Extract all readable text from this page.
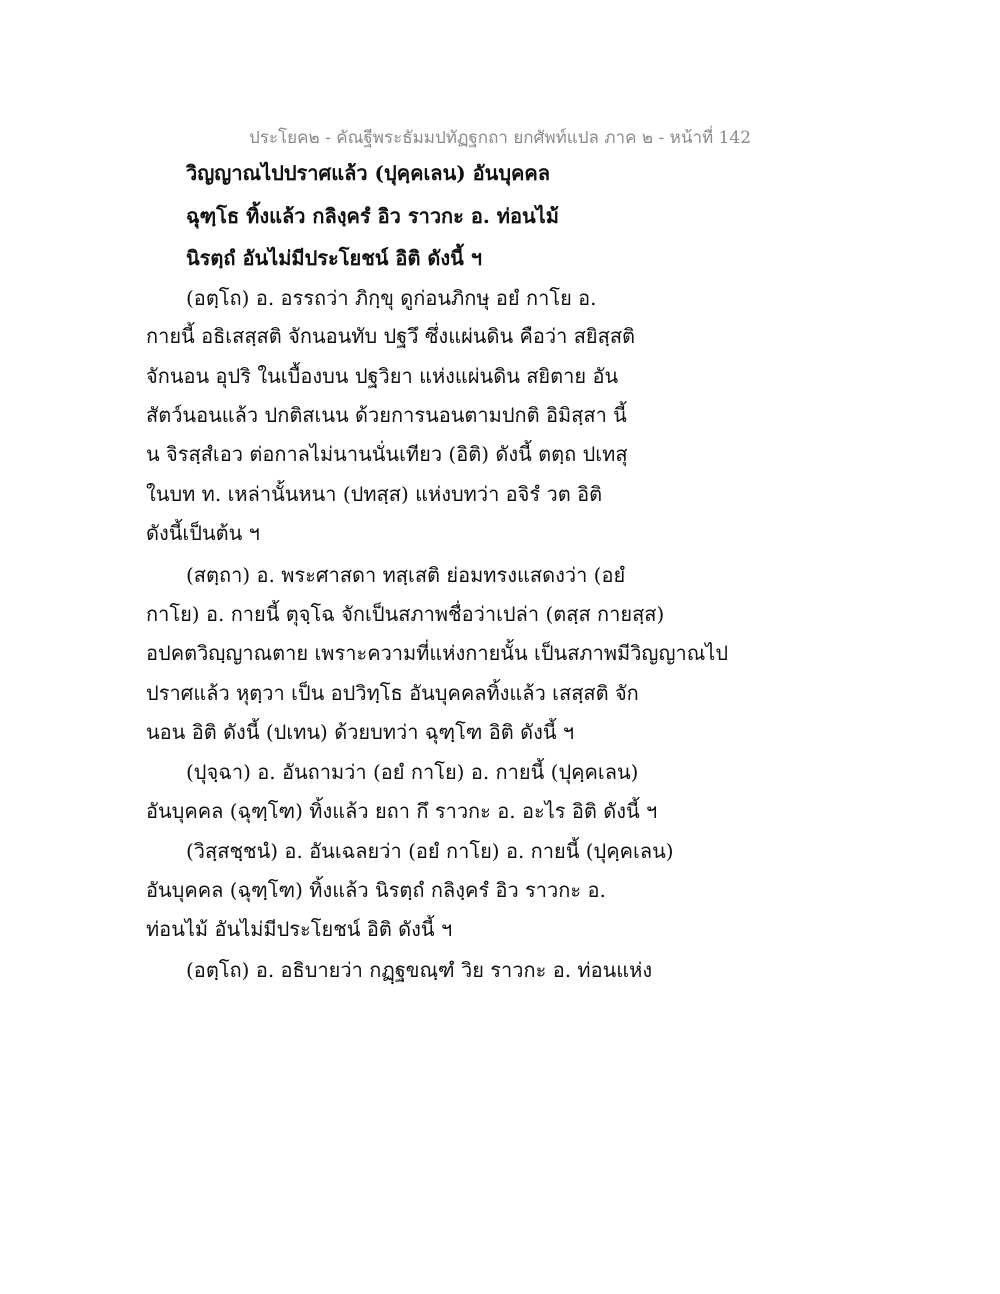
ประโยค๒ - คัณฐีพระธัมมปทัฏฐกถา ยกศัพท์แปล ภาค ๒ - หน้าที่ 142
วิญญาณไปปราศแล้ว (ปุคฺคเลน) อันบุคคล
ฉุฑฺโธ ทิ้งแล้ว กลิงฺครํ อิว ราวกะ อ. ท่อนไม้
นิรตฺถํ อันไม่มีประโยชน์ อิติ ดังนี้ ฯ
(อตฺโถ) อ. อรรถว่า ภิกฺขุ ดูก่อนภิกษุ อยํ กาโย อ.
กายนี้ อธิเสสฺสติ จักนอนทับ ปฐวึ ซึ่งแผ่นดิน คือว่า สยิสฺสติ
จักนอน อุปริ ในเบื้องบน ปฐวิยา แห่งแผ่นดิน สยิตาย อัน
สัตว์นอนแล้ว ปกติสเนน ด้วยการนอนตามปกติ อิมิสฺสา นี้
น จิรสฺสํเอว ต่อกาลไม่นานนั่นเทียว (อิติ) ดังนี้ ตตฺถ ปเทสุ
ในบท ท. เหล่านั้นหนา (ปทสฺส) แห่งบทว่า อจิรํ วต อิติ
ดังนี้เป็นต้น ฯ
(สตฺถา) อ. พระศาสดา ทสฺเสติ ย่อมทรงแสดงว่า (อยํ
กาโย) อ. กายนี้ ตุจฺโฉ จักเป็นสภาพชื่อว่าเปล่า (ตสฺส กายสฺส)
อปคตวิญฺญาณตาย เพราะความที่แห่งกายนั้น เป็นสภาพมีวิญญาณไป
ปราศแล้ว หุตฺวา เป็น อปวิทฺโธ อันบุคคลทิ้งแล้ว เสสฺสติ จัก
นอน อิติ ดังนี้ (ปเทน) ด้วยบทว่า ฉุฑฺโฑ อิติ ดังนี้ ฯ
(ปุจฺฉา) อ. อันถามว่า (อยํ กาโย) อ. กายนี้ (ปุคฺคเลน)
อันบุคคล (ฉุฑฺโฑ) ทิ้งแล้ว ยถา กึ ราวกะ อ. อะไร อิติ ดังนี้ ฯ
(วิสฺสชฺชนํ) อ. อันเฉลยว่า (อยํ กาโย) อ. กายนี้ (ปุคฺคเลน)
อันบุคคล (ฉุฑฺโฑ) ทิ้งแล้ว นิรตฺถํ กลิงฺครํ อิว ราวกะ อ.
ท่อนไม้ อันไม่มีประโยชน์ อิติ ดังนี้ ฯ
(อตฺโถ) อ. อธิบายว่า กฏฺฐขณฺฑํ วิย ราวกะ อ. ท่อนแห่ง
